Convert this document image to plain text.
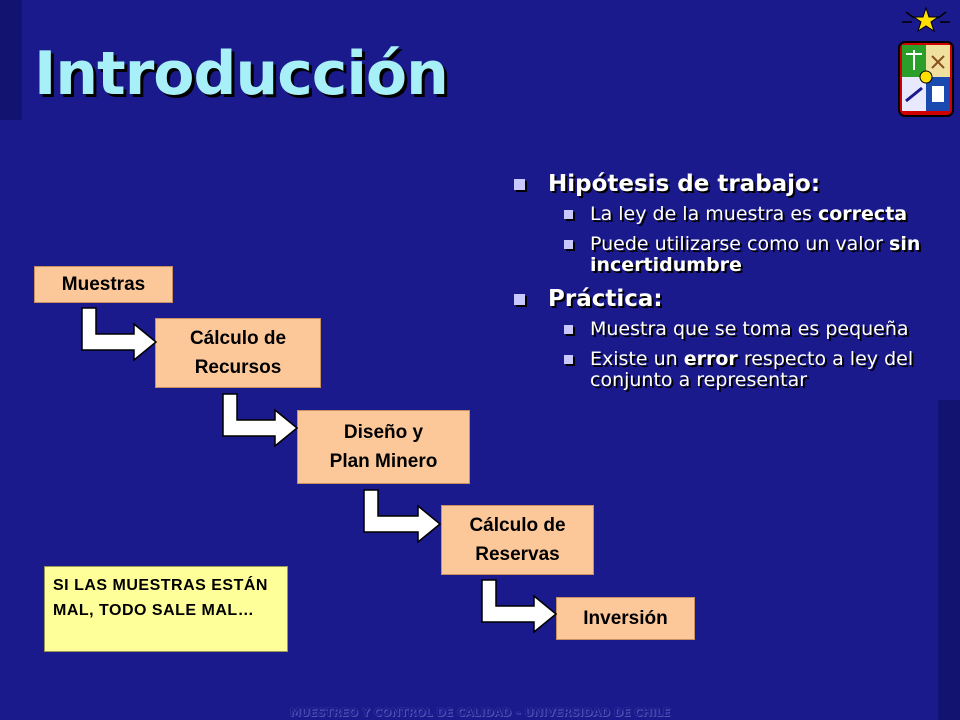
Introducción
Hipótesis de trabajo:
La ley de la muestra es correcta
Puede utilizarse como un valor sin incertidumbre
Práctica:
Muestra que se toma es pequeña
Existe un error respecto a ley del conjunto a representar
Muestras
Cálculo de
Recursos
Diseño y
Plan Minero
Cálculo de
Reservas
Inversión
SI LAS MUESTRAS ESTÁN MAL, TODO SALE MAL…
MUESTREO Y CONTROL DE CALIDAD – UNIVERSIDAD DE CHILE
